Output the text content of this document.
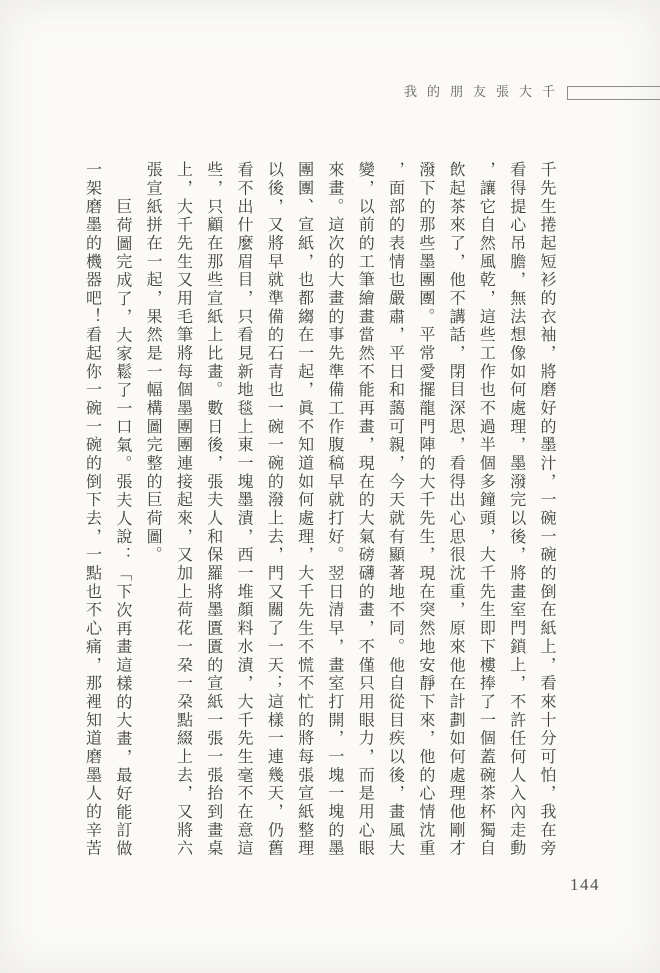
我的朋友張大千

千先生捲起短衫的衣袖，將磨好的墨汁，一碗一碗的倒在紙上，看來十分可怕，我在旁看得提心吊膽，無法想像如何處理，墨潑完以後，將畫室門鎖上，不許任何人入內走動，讓它自然風乾，這些工作也不過半個多鐘頭，大千先生即下樓捧了一個蓋碗茶杯獨自飲起茶來了，他不講話，閉目深思，看得出心思很沈重，原來他在計劃如何處理他剛才潑下的那些墨團團。平常愛擺龍門陣的大千先生，現在突然地安靜下來，他的心情沈重，面部的表情也嚴肅，平日和藹可親，今天就有顯著地不同。他自從目疾以後，畫風大變，以前的工筆繪畫當然不能再畫，現在的大氣磅礴的畫，不僅只用眼力，而是用心眼來畫。這次的大畫的事先準備工作腹稿早就打好。翌日清早，畫室打開，一塊一塊的墨團團、宣紙，也都縐在一起，眞不知道如何處理，大千先生不慌不忙的將每張宣紙整理以後，又將早就準備的石青也一碗一碗的潑上去，門又關了一天；這樣一連幾天，仍舊看不出什麼眉目，只看見新地毯上東一塊墨漬，西一堆顏料水漬，大千先生毫不在意這些，只顧在那些宣紙上比畫。數日後，張夫人和保羅將墨匱匱的宣紙一張一張抬到畫桌上，大千先生又用毛筆將每個墨團團連接起來，又加上荷花一朶一朶點綴上去，又將六張宣紙拼在一起，果然是一幅構圖完整的巨荷圖。

巨荷圖完成了，大家鬆了一口氣。張夫人說：「下次再畫這樣的大畫，最好能訂做一架磨墨的機器吧！看起你一碗一碗的倒下去，一點也不心痛，那裡知道磨墨人的辛苦

144
